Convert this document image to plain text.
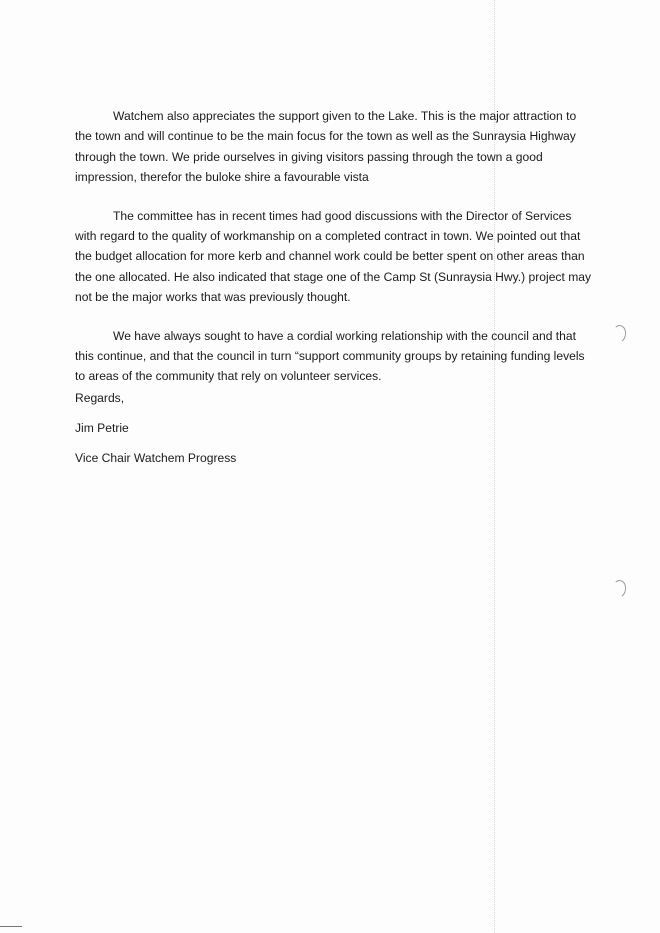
Watchem also appreciates the support given to the Lake. This is the major attraction to the town and will continue to be the main focus for the town as well as the Sunraysia Highway through the town. We pride ourselves in giving visitors passing through the town a good impression, therefor the buloke shire a favourable vista

The committee has in recent times had good discussions with the Director of Services with regard to the quality of workmanship on a completed contract in town. We pointed out that the budget allocation for more kerb and channel work could be better spent on other areas than the one allocated. He also indicated that stage one of the Camp St (Sunraysia Hwy.) project may not be the major works that was previously thought.

We have always sought to have a cordial working relationship with the council and that this continue, and that the council in turn “support community groups by retaining funding levels to areas of the community that rely on volunteer services.

Regards,

Jim Petrie

Vice Chair Watchem Progress
